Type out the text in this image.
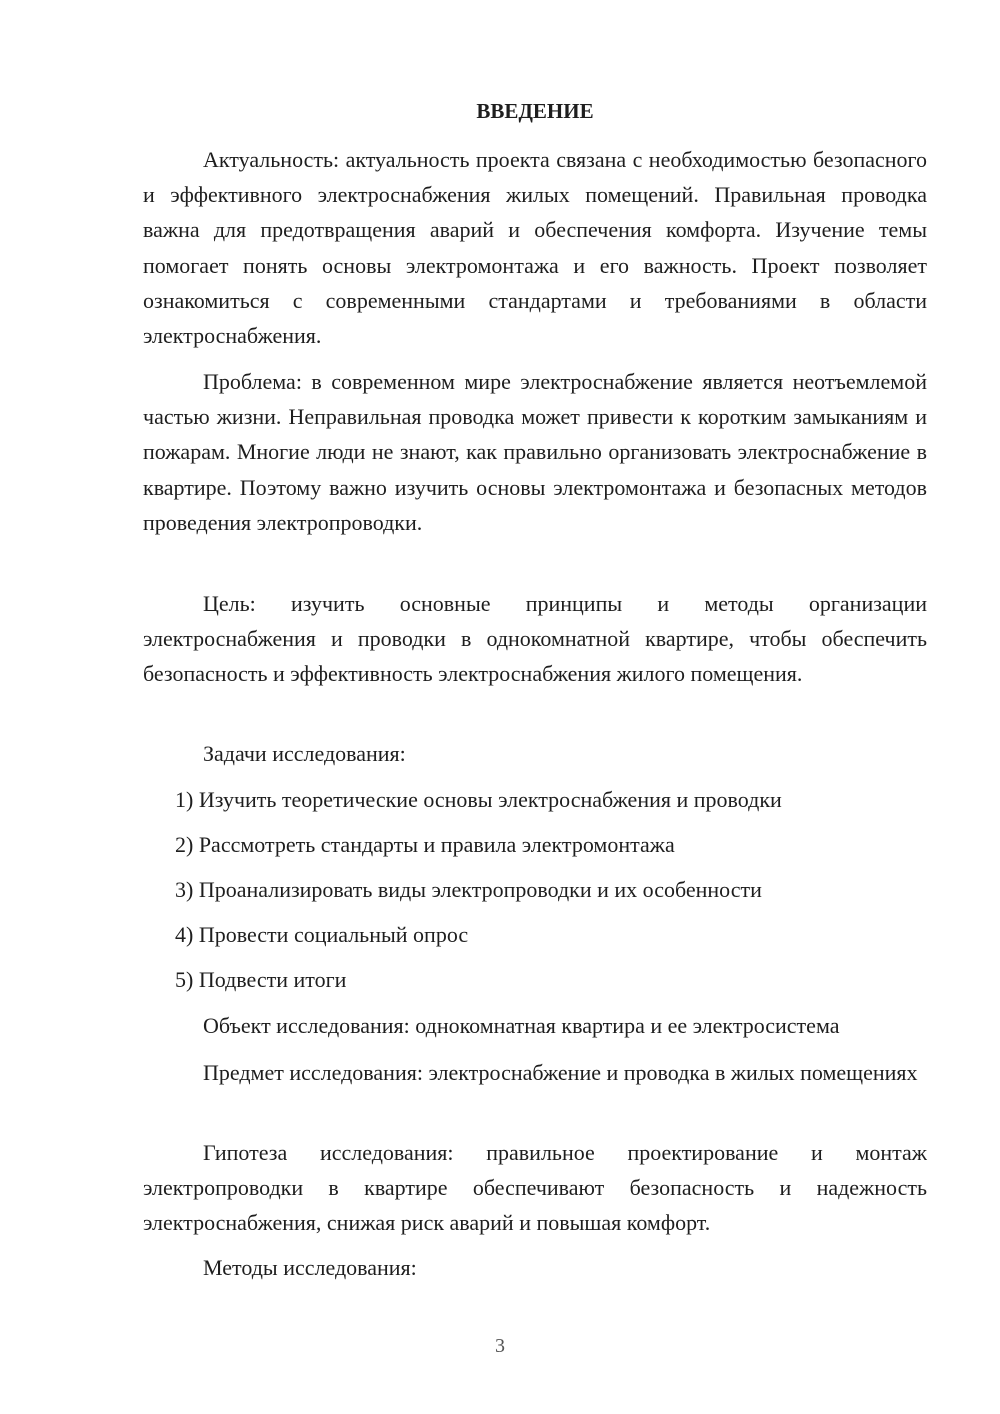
ВВЕДЕНИЕ

Актуальность: актуальность проекта связана с необходимостью безопасного и эффективного электроснабжения жилых помещений. Правильная проводка важна для предотвращения аварий и обеспечения комфорта. Изучение темы помогает понять основы электромонтажа и его важность. Проект позволяет ознакомиться с современными стандартами и требованиями в области электроснабжения.

Проблема: в современном мире электроснабжение является неотъемлемой частью жизни. Неправильная проводка может привести к коротким замыканиям и пожарам. Многие люди не знают, как правильно организовать электроснабжение в квартире. Поэтому важно изучить основы электромонтажа и безопасных методов проведения электропроводки.

Цель: изучить основные принципы и методы организации электроснабжения и проводки в однокомнатной квартире, чтобы обеспечить безопасность и эффективность электроснабжения жилого помещения.

Задачи исследования:

1) Изучить теоретические основы электроснабжения и проводки

2) Рассмотреть стандарты и правила электромонтажа

3) Проанализировать виды электропроводки и их особенности

4) Провести социальный опрос

5) Подвести итоги

Объект исследования: однокомнатная квартира и ее электросистема

Предмет исследования: электроснабжение и проводка в жилых помещениях

Гипотеза исследования: правильное проектирование и монтаж электропроводки в квартире обеспечивают безопасность и надежность электроснабжения, снижая риск аварий и повышая комфорт.

Методы исследования:

3
